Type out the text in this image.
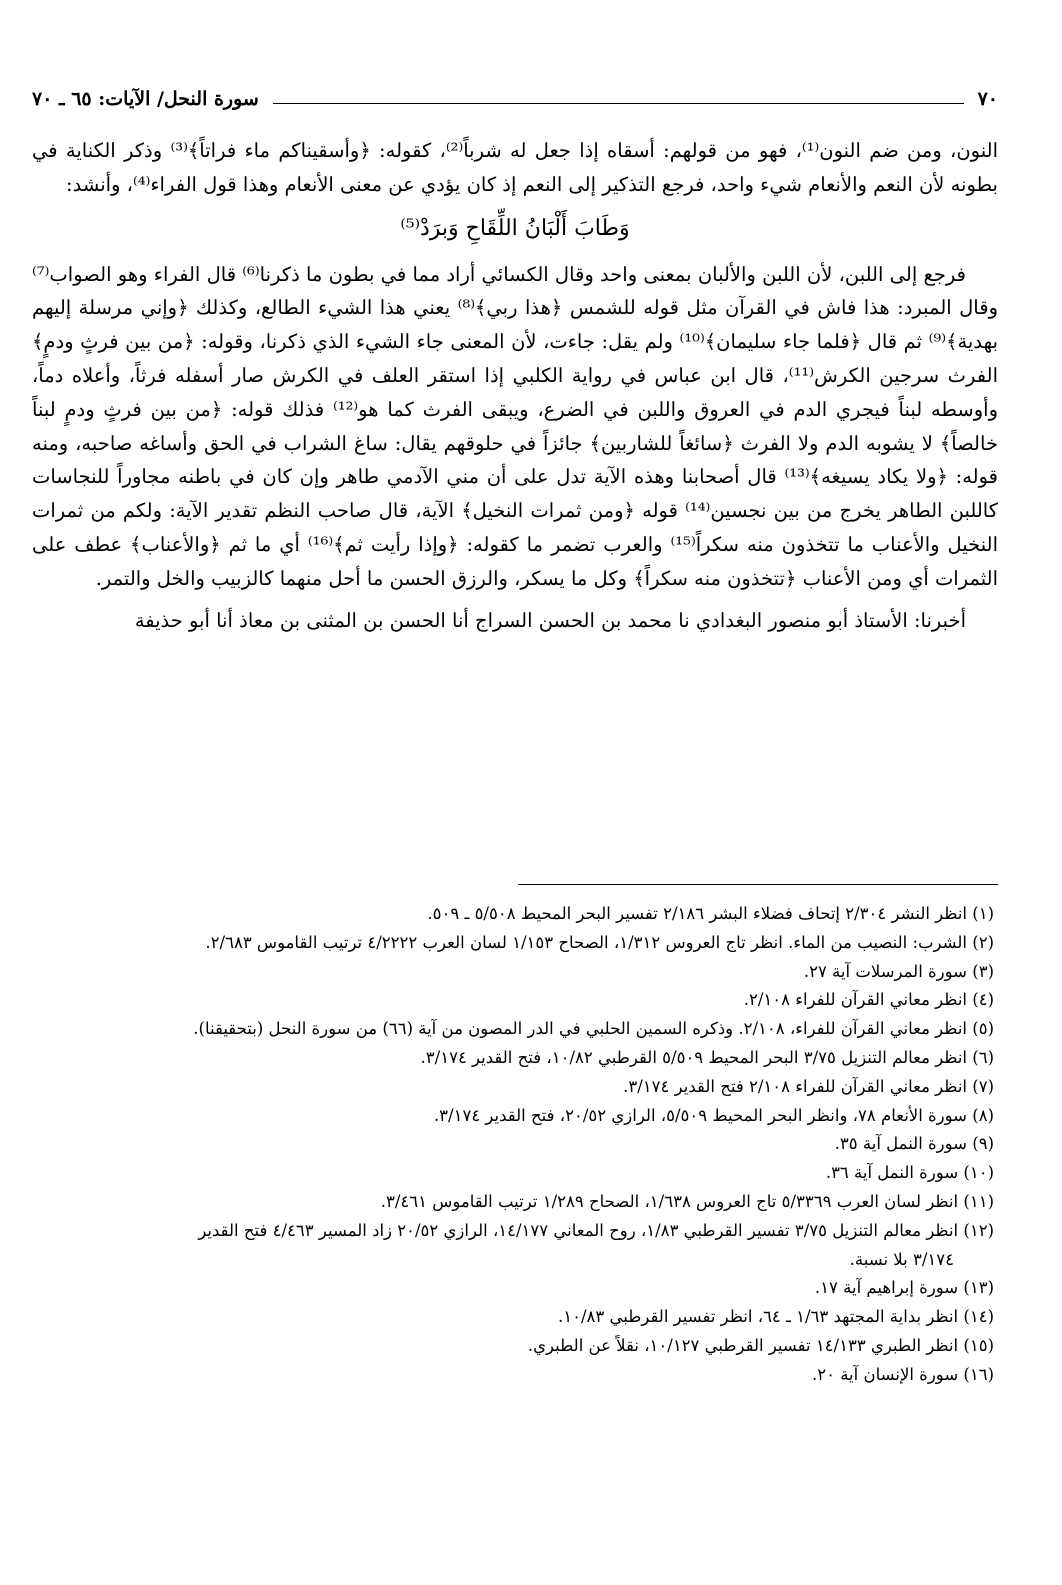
٧٠
سورة النحل/ الآيات: ٦٥ ـ ٧٠

النون، ومن ضم النون⁽¹⁾، فهو من قولهم: أسقاه إذا جعل له شرباً⁽²⁾، كقوله: ﴿وأسقيناكم ماء فراتاً﴾⁽³⁾ وذكر الكناية في بطونه لأن النعم والأنعام شيء واحد، فرجع التذكير إلى النعم إذ كان يؤدي عن معنى الأنعام وهذا قول الفراء⁽⁴⁾، وأنشد:

وَطَابَ أَلْبَانُ اللِّقَاحِ وَبرَدْ⁽⁵⁾

فرجع إلى اللبن، لأن اللبن والألبان بمعنى واحد وقال الكسائي أراد مما في بطون ما ذكرنا⁽⁶⁾ قال الفراء وهو الصواب⁽⁷⁾ وقال المبرد: هذا فاش في القرآن مثل قوله للشمس ﴿هذا ربي﴾⁽⁸⁾ يعني هذا الشيء الطالع، وكذلك ﴿وإني مرسلة إليهم بهدية﴾⁽⁹⁾ ثم قال ﴿فلما جاء سليمان﴾⁽¹⁰⁾ ولم يقل: جاءت، لأن المعنى جاء الشيء الذي ذكرنا، وقوله: ﴿من بين فرثٍ ودمٍ﴾ الفرث سرجين الكرش⁽¹¹⁾، قال ابن عباس في رواية الكلبي إذا استقر العلف في الكرش صار أسفله فرثاً، وأعلاه دماً، وأوسطه لبناً فيجري الدم في العروق واللبن في الضرع، ويبقى الفرث كما هو⁽¹²⁾ فذلك قوله: ﴿من بين فرثٍ ودمٍ لبناً خالصاً﴾ لا يشوبه الدم ولا الفرث ﴿سائغاً للشاربين﴾ جائزاً في حلوقهم يقال: ساغ الشراب في الحق وأساغه صاحبه، ومنه قوله: ﴿ولا يكاد يسيغه﴾⁽¹³⁾ قال أصحابنا وهذه الآية تدل على أن مني الآدمي طاهر وإن كان في باطنه مجاوراً للنجاسات كاللبن الطاهر يخرج من بين نجسين⁽¹⁴⁾ قوله ﴿ومن ثمرات النخيل﴾ الآية، قال صاحب النظم تقدير الآية: ولكم من ثمرات النخيل والأعناب ما تتخذون منه سكراً⁽¹⁵⁾ والعرب تضمر ما كقوله: ﴿وإذا رأيت ثم﴾⁽¹⁶⁾ أي ما ثم ﴿والأعناب﴾ عطف على الثمرات أي ومن الأعناب ﴿تتخذون منه سكراً﴾ وكل ما يسكر، والرزق الحسن ما أحل منهما كالزبيب والخل والتمر.

أخبرنا: الأستاذ أبو منصور البغدادي نا محمد بن الحسن السراج أنا الحسن بن المثنى بن معاذ أنا أبو حذيفة

(١) انظر النشر ٢/٣٠٤ إتحاف فضلاء البشر ٢/١٨٦ تفسير البحر المحيط ٥/٥٠٨ ـ ٥٠٩.

(٢) الشرب: النصيب من الماء. انظر تاج العروس ١/٣١٢، الصحاح ١/١٥٣ لسان العرب ٤/٢٢٢٢ ترتيب القاموس ٢/٦٨٣.

(٣) سورة المرسلات آية ٢٧.

(٤) انظر معاني القرآن للفراء ٢/١٠٨.

(٥) انظر معاني القرآن للفراء، ٢/١٠٨. وذكره السمين الحلبي في الدر المصون من آية (٦٦) من سورة النحل (بتحقيقنا).

(٦) انظر معالم التنزيل ٣/٧٥ البحر المحيط ٥/٥٠٩ القرطبي ١٠/٨٢، فتح القدير ٣/١٧٤.

(٧) انظر معاني القرآن للفراء ٢/١٠٨ فتح القدير ٣/١٧٤.

(٨) سورة الأنعام ٧٨، وانظر البحر المحيط ٥/٥٠٩، الرازي ٢٠/٥٢، فتح القدير ٣/١٧٤.

(٩) سورة النمل آية ٣٥.

(١٠) سورة النمل آية ٣٦.

(١١) انظر لسان العرب ٥/٣٣٦٩ تاج العروس ١/٦٣٨، الصحاح ١/٢٨٩ ترتيب القاموس ٣/٤٦١.

(١٢) انظر معالم التنزيل ٣/٧٥ تفسير القرطبي ١/٨٣، روح المعاني ١٤/١٧٧، الرازي ٢٠/٥٢ زاد المسير ٤/٤٦٣ فتح القدير
٣/١٧٤ بلا نسبة.

(١٣) سورة إبراهيم آية ١٧.

(١٤) انظر بداية المجتهد ١/٦٣ ـ ٦٤، انظر تفسير القرطبي ١٠/٨٣.

(١٥) انظر الطبري ١٤/١٣٣ تفسير القرطبي ١٠/١٢٧، نقلاً عن الطبري.

(١٦) سورة الإنسان آية ٢٠.
